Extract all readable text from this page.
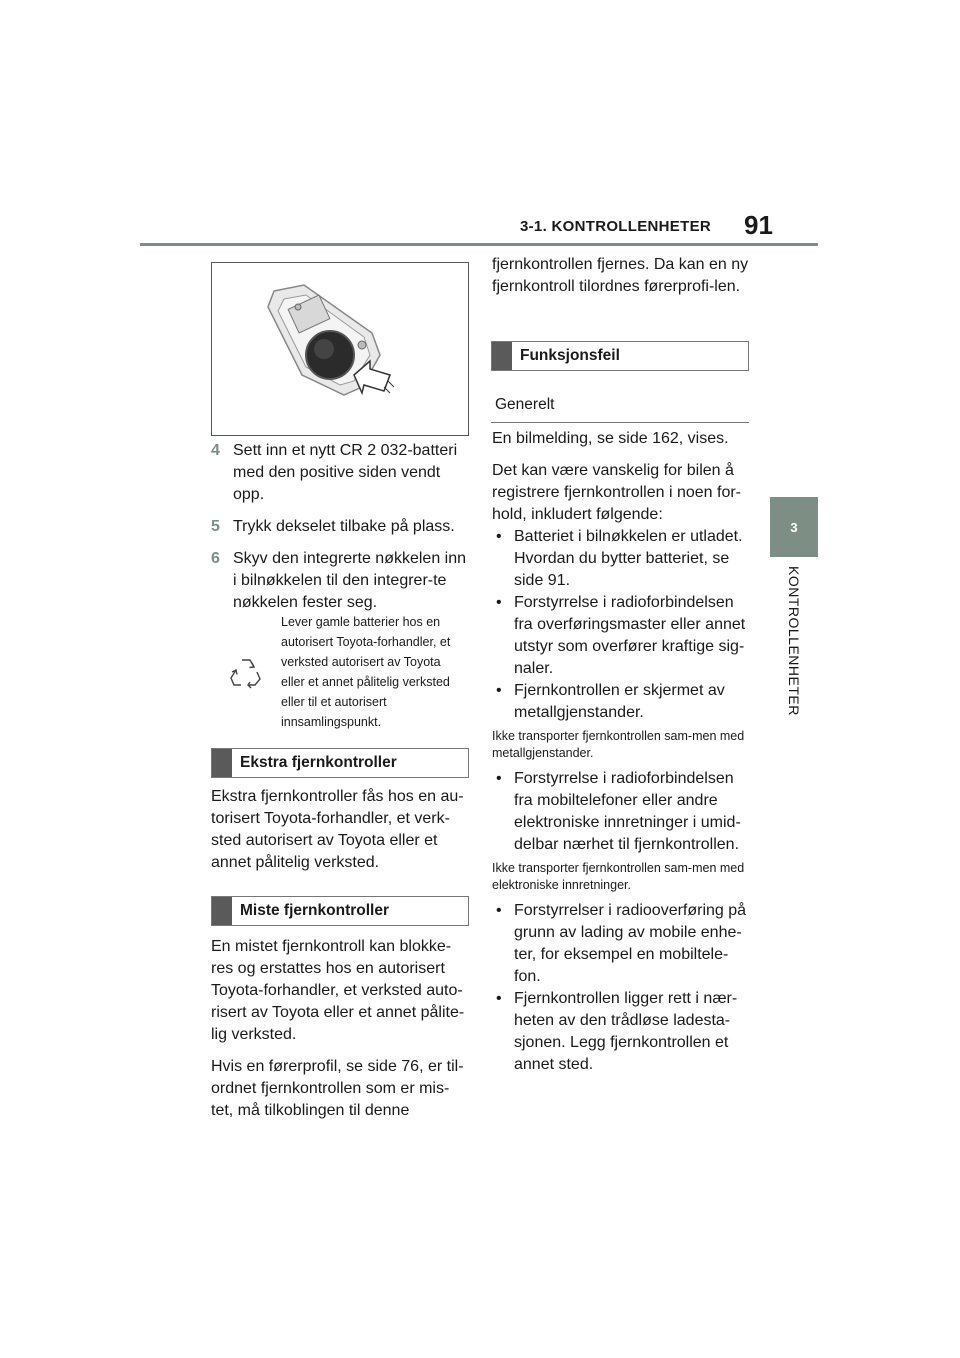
3-1. KONTROLLENHETER 91
3
KONTROLLENHETER
4 Sett inn et nytt CR 2 032-batteri med den positive siden vendt opp.
5 Trykk dekselet tilbake på plass.
6 Skyv den integrerte nøkkelen inn i bilnøkkelen til den integrer-te nøkkelen fester seg.
Lever gamle batterier hos en autorisert Toyota-forhandler, et verksted autorisert av Toyota eller et annet pålitelig verksted eller til et autorisert innsamlingspunkt.
Ekstra fjernkontroller

Ekstra fjernkontroller fås hos en au-torisert Toyota-forhandler, et verk-sted autorisert av Toyota eller et annet pålitelig verksted.

Miste fjernkontroller

En mistet fjernkontroll kan blokke-res og erstattes hos en autorisert Toyota-forhandler, et verksted auto-risert av Toyota eller et annet pålite-lig verksted.

Hvis en førerprofil, se side 76, er til-ordnet fjernkontrollen som er mis-tet, må tilkoblingen til denne

fjernkontrollen fjernes. Da kan en ny fjernkontroll tilordnes førerprofi-len.

Funksjonsfeil
Generelt

En bilmelding, se side 162, vises.

Det kan være vanskelig for bilen å registrere fjernkontrollen i noen for-hold, inkludert følgende:

• Batteriet i bilnøkkelen er utladet. Hvordan du bytter batteriet, se side 91.
• Forstyrrelse i radioforbindelsen fra overføringsmaster eller annet utstyr som overfører kraftige sig-naler.
• Fjernkontrollen er skjermet av metallgjenstander.
Ikke transporter fjernkontrollen sam-men med metallgjenstander.
• Forstyrrelse i radioforbindelsen fra mobiltelefoner eller andre elektroniske innretninger i umid-delbar nærhet til fjernkontrollen.
Ikke transporter fjernkontrollen sam-men med elektroniske innretninger.
• Forstyrrelser i radiooverføring på grunn av lading av mobile enhe-ter, for eksempel en mobiltele-fon.
• Fjernkontrollen ligger rett i nær-heten av den trådløse ladesta-sjonen. Legg fjernkontrollen et annet sted.
